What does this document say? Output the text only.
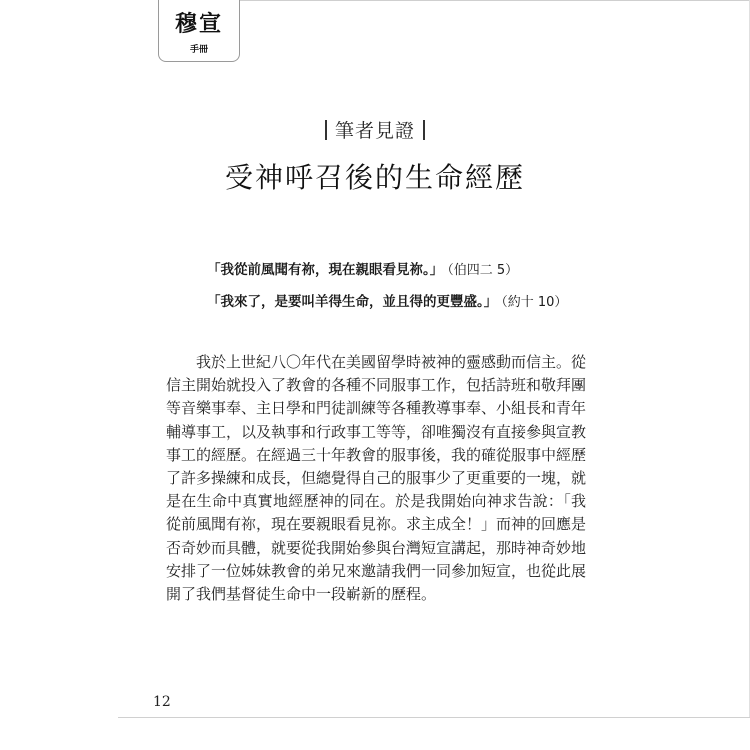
穆宣
手冊
筆者見證
受神呼召後的生命經歷
「我從前風聞有祢，現在親眼看見祢。」 （伯四二 5）
「我來了，是要叫羊得生命，並且得的更豐盛。」 （約十 10）
我於上世紀八〇年代在美國留學時被神的靈感動而信主。從
信主開始就投入了教會的各種不同服事工作，包括詩班和敬拜團
等音樂事奉、主日學和門徒訓練等各種教導事奉、小組長和青年
輔導事工，以及執事和行政事工等等，卻唯獨沒有直接參與宣教
事工的經歷。在經過三十年教會的服事後，我的確從服事中經歷
了許多操練和成長，但總覺得自己的服事少了更重要的一塊，就
是在生命中真實地經歷神的同在。於是我開始向神求告說：「我
從前風聞有祢，現在要親眼看見祢。求主成全！」而神的回應是
否奇妙而具體，就要從我開始參與台灣短宣講起，那時神奇妙地
安排了一位姊妹教會的弟兄來邀請我們一同參加短宣，也從此展
開了我們基督徒生命中一段嶄新的歷程。
12
